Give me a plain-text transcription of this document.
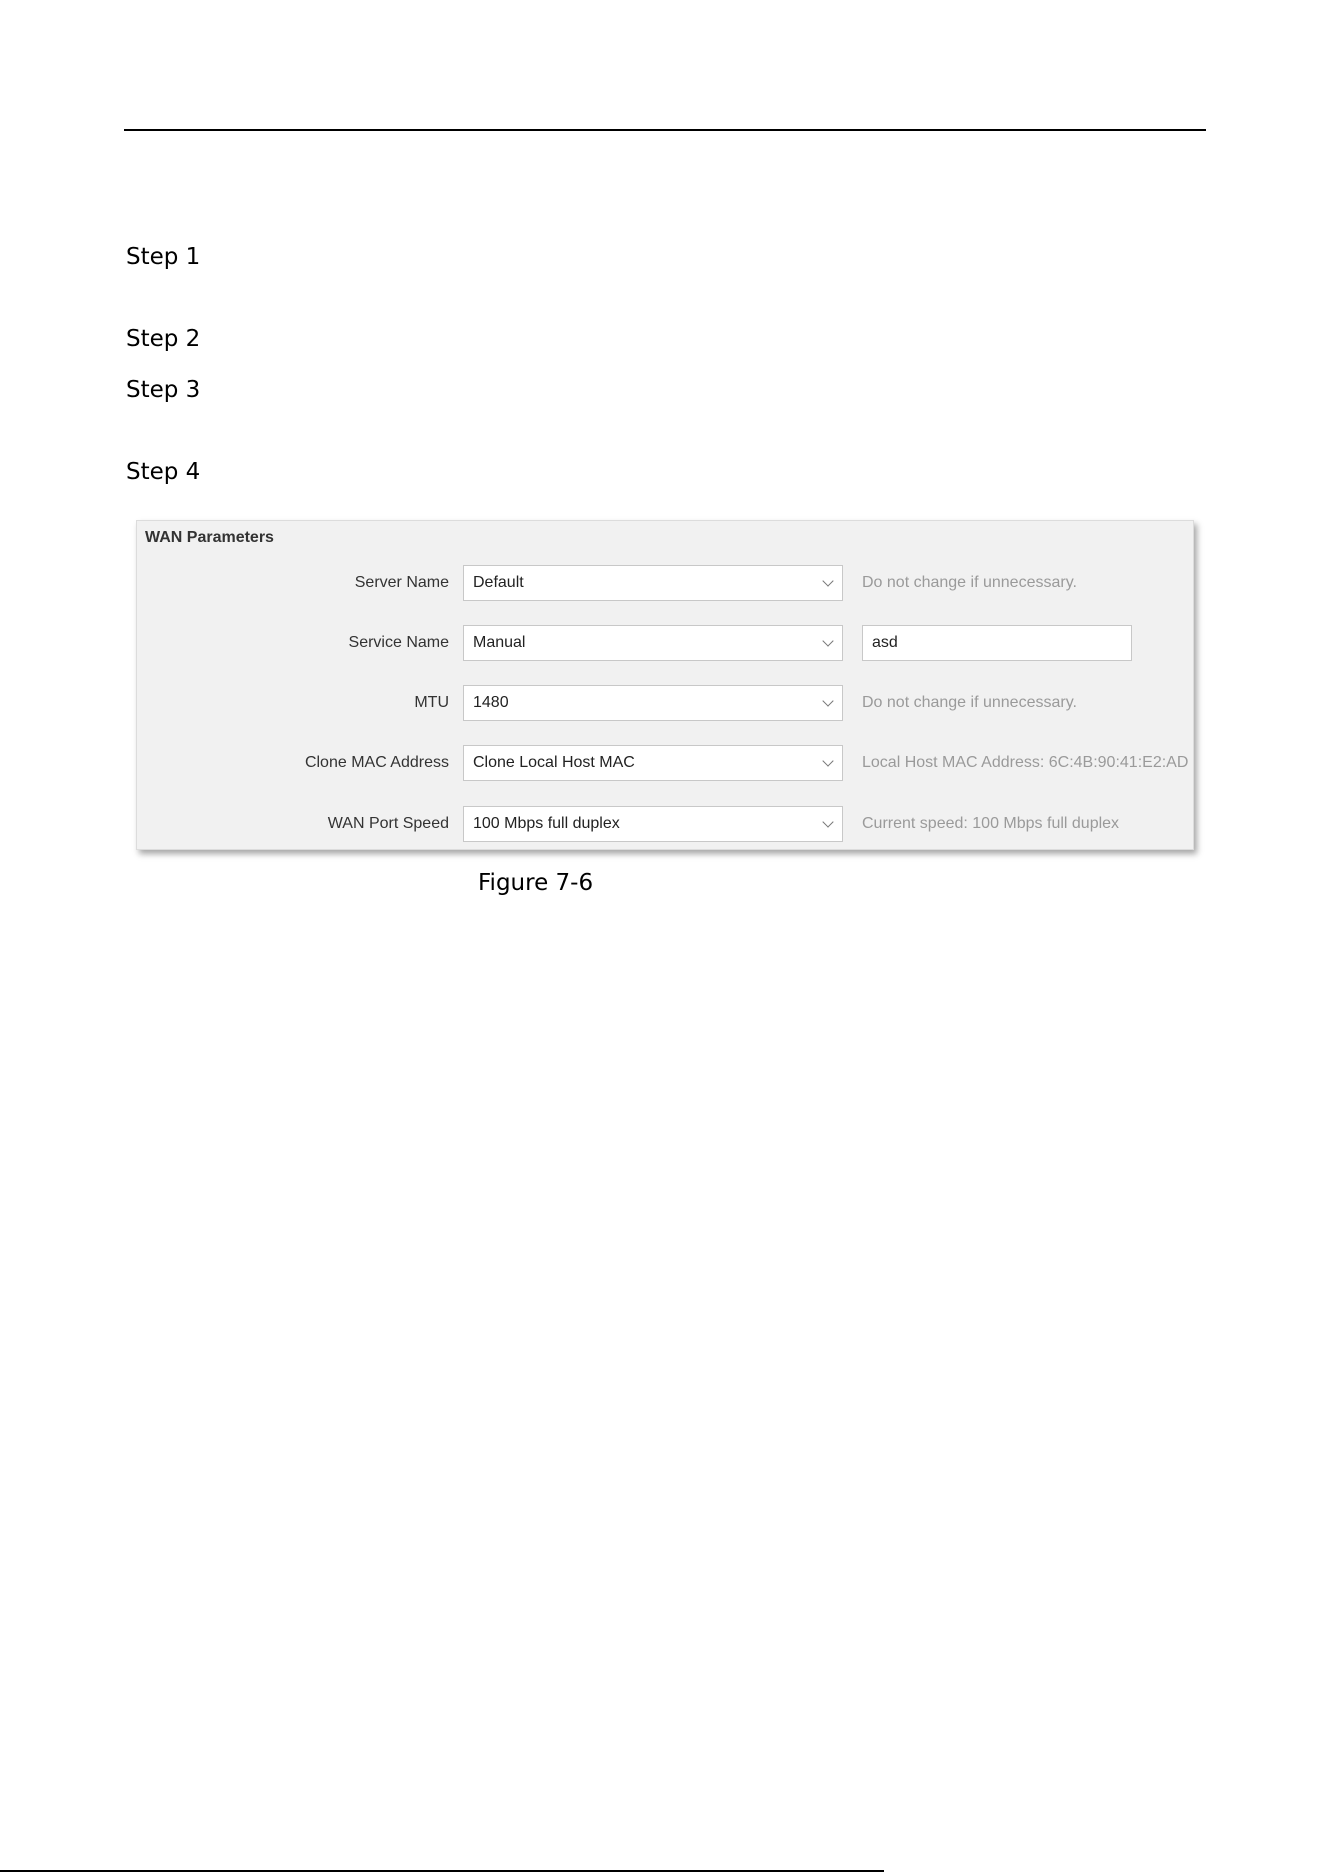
Step 1
Step 2
Step 3
Step 4
WAN Parameters
Server Name	Default	Do not change if unnecessary.
Service Name	Manual	asd
MTU	1480	Do not change if unnecessary.
Clone MAC Address	Clone Local Host MAC	Local Host MAC Address: 6C:4B:90:41:E2:AD
WAN Port Speed	100 Mbps full duplex	Current speed: 100 Mbps full duplex
Figure 7-6
